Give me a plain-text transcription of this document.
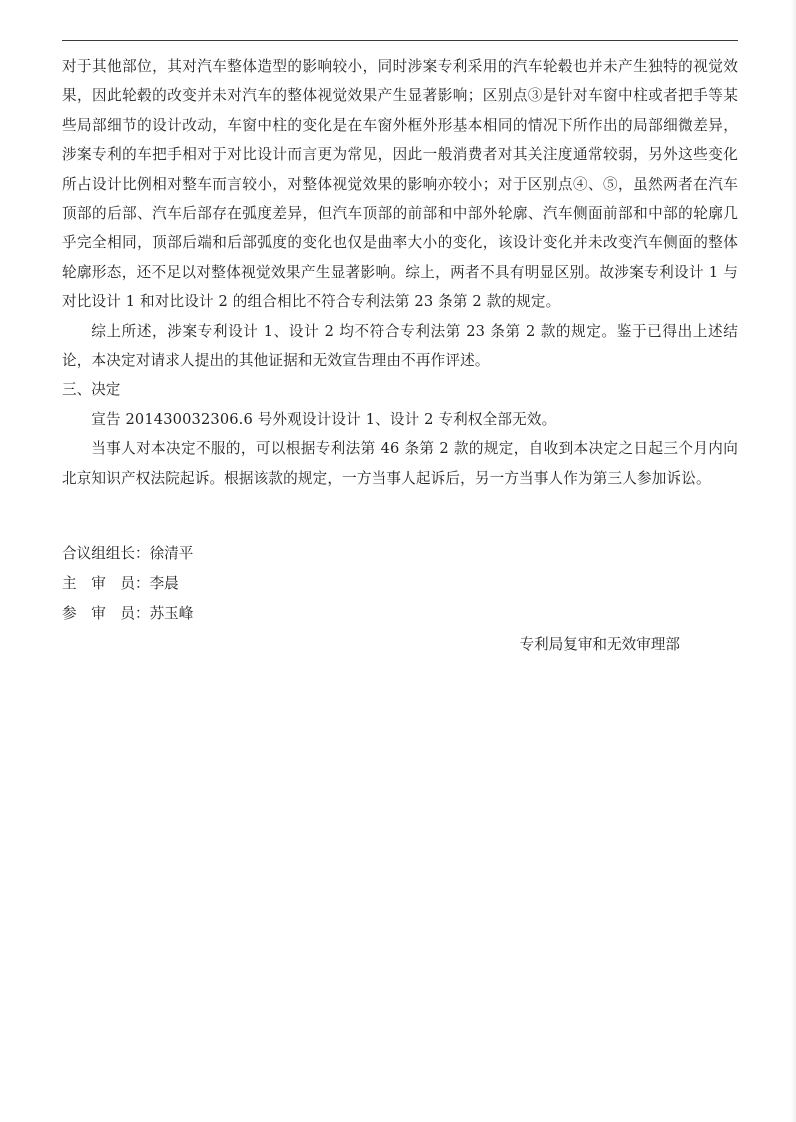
对于其他部位，其对汽车整体造型的影响较小，同时涉案专利采用的汽车轮毂也并未产生独特的视觉效果，因此轮毂的改变并未对汽车的整体视觉效果产生显著影响；区别点③是针对车窗中柱或者把手等某些局部细节的设计改动，车窗中柱的变化是在车窗外框外形基本相同的情况下所作出的局部细微差异，涉案专利的车把手相对于对比设计而言更为常见，因此一般消费者对其关注度通常较弱，另外这些变化所占设计比例相对整车而言较小，对整体视觉效果的影响亦较小；对于区别点④、⑤，虽然两者在汽车顶部的后部、汽车后部存在弧度差异，但汽车顶部的前部和中部外轮廓、汽车侧面前部和中部的轮廓几乎完全相同，顶部后端和后部弧度的变化也仅是曲率大小的变化，该设计变化并未改变汽车侧面的整体轮廓形态，还不足以对整体视觉效果产生显著影响。综上，两者不具有明显区别。故涉案专利设计 1 与对比设计 1 和对比设计 2 的组合相比不符合专利法第 23 条第 2 款的规定。

综上所述，涉案专利设计 1、设计 2 均不符合专利法第 23 条第 2 款的规定。鉴于已得出上述结论，本决定对请求人提出的其他证据和无效宣告理由不再作评述。

三、决定

宣告 201430032306.6 号外观设计设计 1、设计 2 专利权全部无效。

当事人对本决定不服的，可以根据专利法第 46 条第 2 款的规定，自收到本决定之日起三个月内向北京知识产权法院起诉。根据该款的规定，一方当事人起诉后，另一方当事人作为第三人参加诉讼。

合议组组长：徐清平

主　审　员：李晨

参　审　员：苏玉峰

专利局复审和无效审理部
